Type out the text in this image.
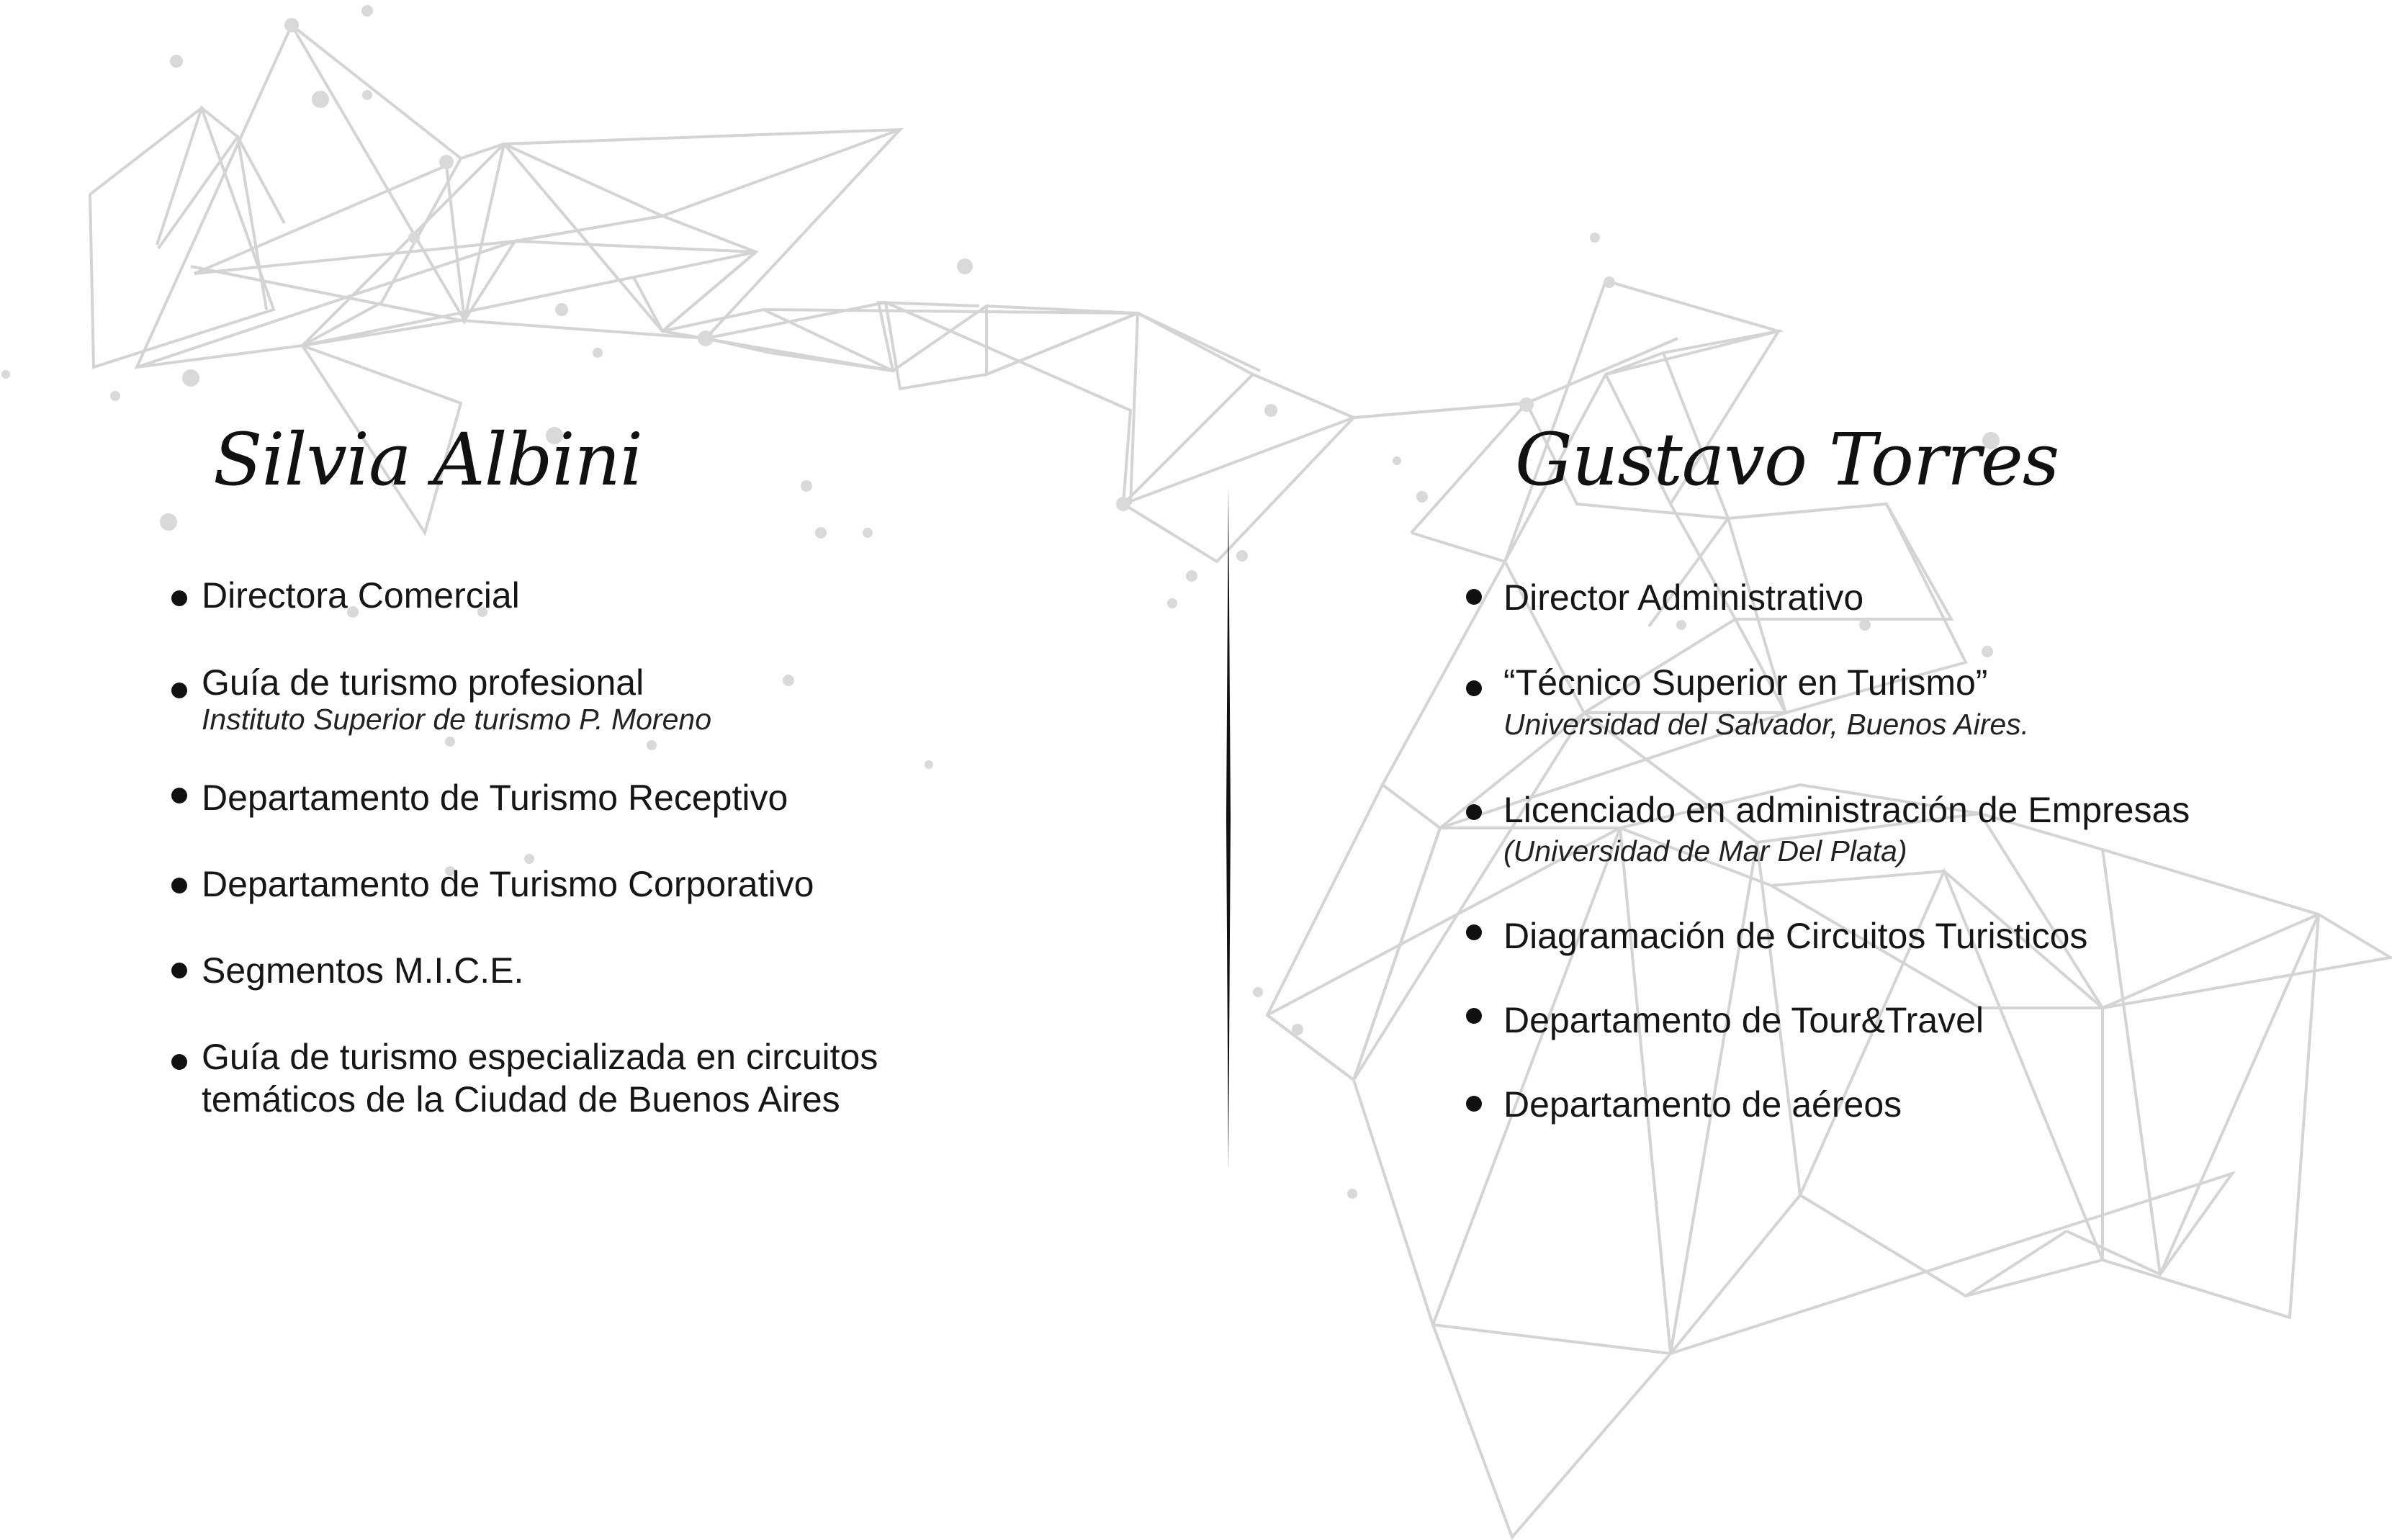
Silvia Albini
Directora Comercial
Guía de turismo profesional
Instituto Superior de turismo P. Moreno
Departamento de Turismo Receptivo
Departamento de Turismo Corporativo
Segmentos M.I.C.E.
Guía de turismo especializada en circuitos
temáticos de la Ciudad de Buenos Aires
Gustavo Torres
Director Administrativo
“Técnico Superior en Turismo”
Universidad del Salvador, Buenos Aires.
Licenciado en administración de Empresas
(Universidad de Mar Del Plata)
Diagramación de Circuitos Turisticos
Departamento de Tour&Travel
Departamento de aéreos
